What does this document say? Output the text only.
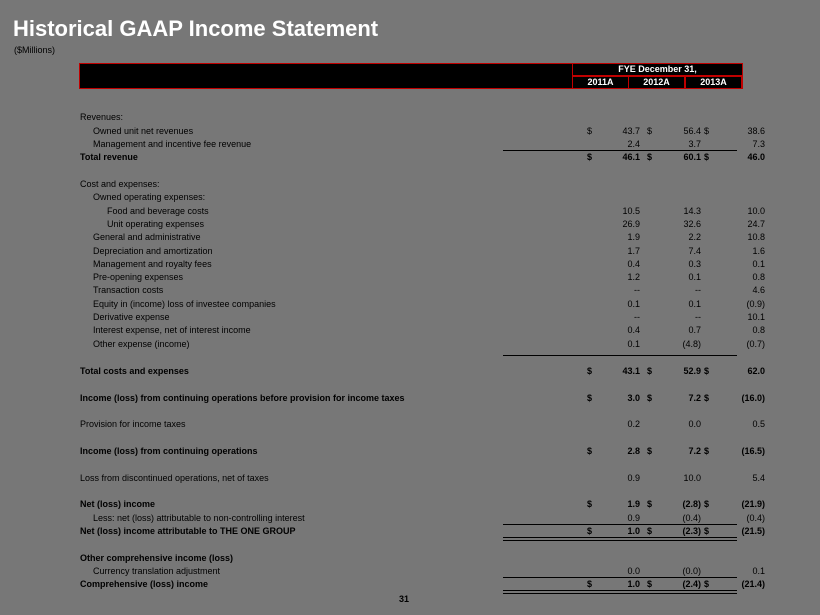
Historical GAAP Income Statement
($Millions)
FYE December 31,
2011A	2012A	2013A
Revenues:
Owned unit net revenues	$	43.7 $	56.4 $	38.6
Management and incentive fee revenue	2.4	3.7	7.3
Total revenue	$	46.1 $	60.1 $	46.0
Cost and expenses:
Owned operating expenses:
Food and beverage costs	10.5	14.3	10.0
Unit operating expenses	26.9	32.6	24.7
General and administrative	1.9	2.2	10.8
Depreciation and amortization	1.7	7.4	1.6
Management and royalty fees	0.4	0.3	0.1
Pre-opening expenses	1.2	0.1	0.8
Transaction costs	--	--	4.6
Equity in (income) loss of investee companies	0.1	0.1	(0.9)
Derivative expense	--	--	10.1
Interest expense, net of interest income	0.4	0.7	0.8
Other expense (income)	0.1	(4.8)	(0.7)
Total costs and expenses	$	43.1 $	52.9 $	62.0
Income (loss) from continuing operations before provision for income taxes	$	3.0 $	7.2 $	(16.0)
Provision for income taxes	0.2	0.0	0.5
Income (loss) from continuing operations	$	2.8 $	7.2 $	(16.5)
Loss from discontinued operations, net of taxes	0.9	10.0	5.4
Net (loss) income	$	1.9 $	(2.8) $	(21.9)
Less: net (loss) attributable to non-controlling interest	0.9	(0.4)	(0.4)
Net (loss) income attributable to THE ONE GROUP	$	1.0 $	(2.3) $	(21.5)
Other comprehensive income (loss)
Currency translation adjustment	0.0	(0.0)	0.1
Comprehensive (loss) income	$	1.0 $	(2.4) $	(21.4)
31
